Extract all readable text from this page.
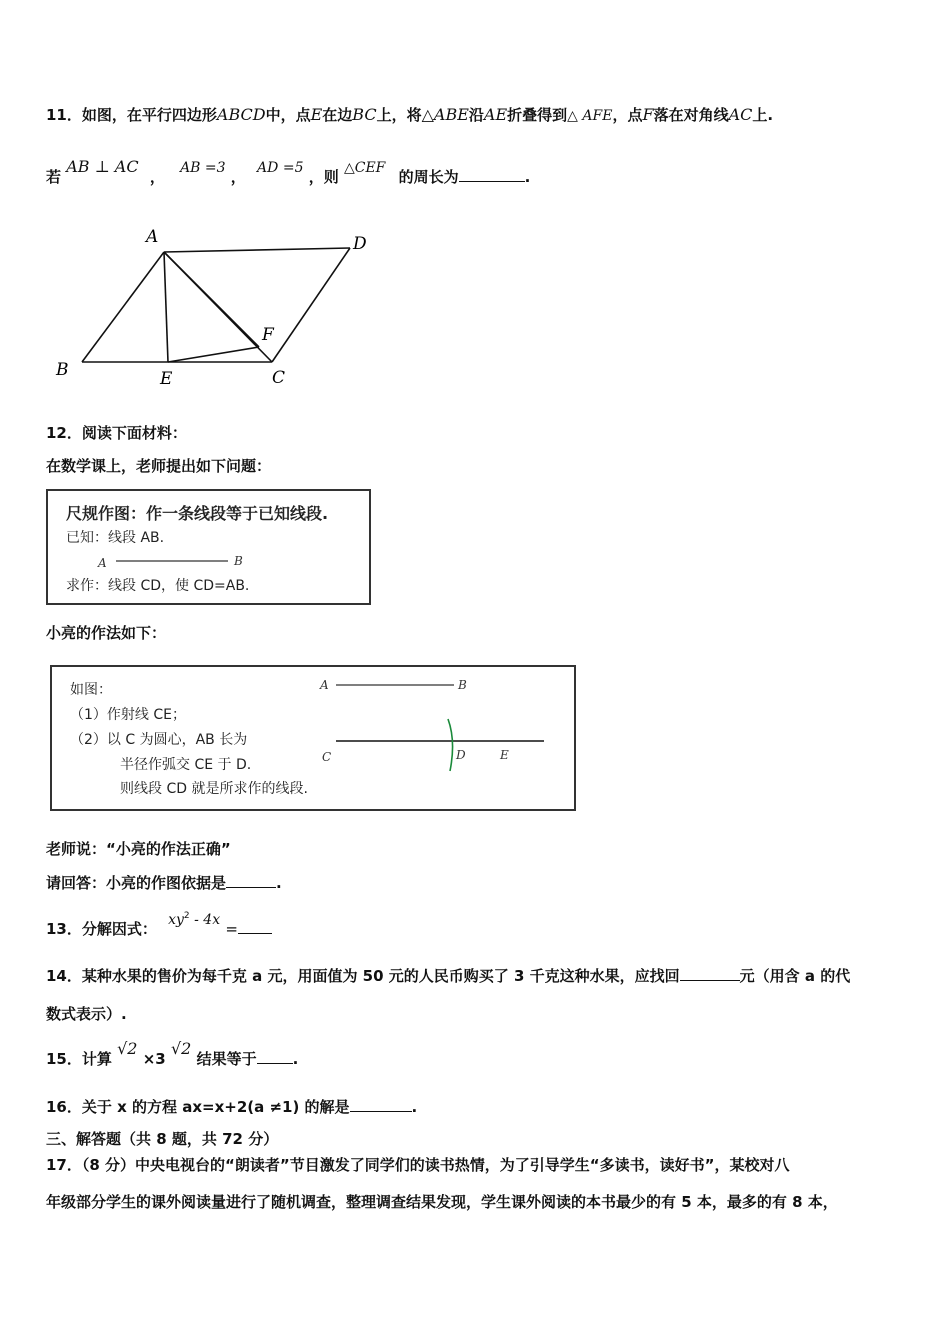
11．如图，在平行四边形ABCD中，点E在边BC上，将△ABE沿AE折叠得到△ AFE，点F落在对角线AC上.
若 AB ⊥ AC ， AB =3 ， AD =5 ，则 △CEF 的周长为	.
A	D
F
B	E	C
12．阅读下面材料：
在数学课上，老师提出如下问题：
尺规作图：作一条线段等于已知线段.
已知：线段 AB.
A	B
求作：线段 CD，使 CD=AB.
小亮的作法如下：
如图：
（1）作射线 CE；
（2）以 C 为圆心，AB 长为
半径作弧交 CE 于 D.
则线段 CD 就是所求作的线段.
A	B
C	D	E
老师说：“小亮的作法正确”
请回答：小亮的作图依据是	.
13．分解因式： $xy^2 - 4x$ =
14．某种水果的售价为每千克 a 元，用面值为 50 元的人民币购买了 3 千克这种水果，应找回	元（用含 a 的代
数式表示）.
15．计算 √2 ×3 √2 结果等于 .
16．关于 x 的方程 ax=x+2(a ≠1) 的解是	.
三、解答题（共 8 题，共 72 分）
17．（8 分）中央电视台的“朗读者”节目激发了同学们的读书热情，为了引导学生“多读书，读好书”，某校对八
年级部分学生的课外阅读量进行了随机调查，整理调查结果发现，学生课外阅读的本书最少的有 5 本，最多的有 8 本，
